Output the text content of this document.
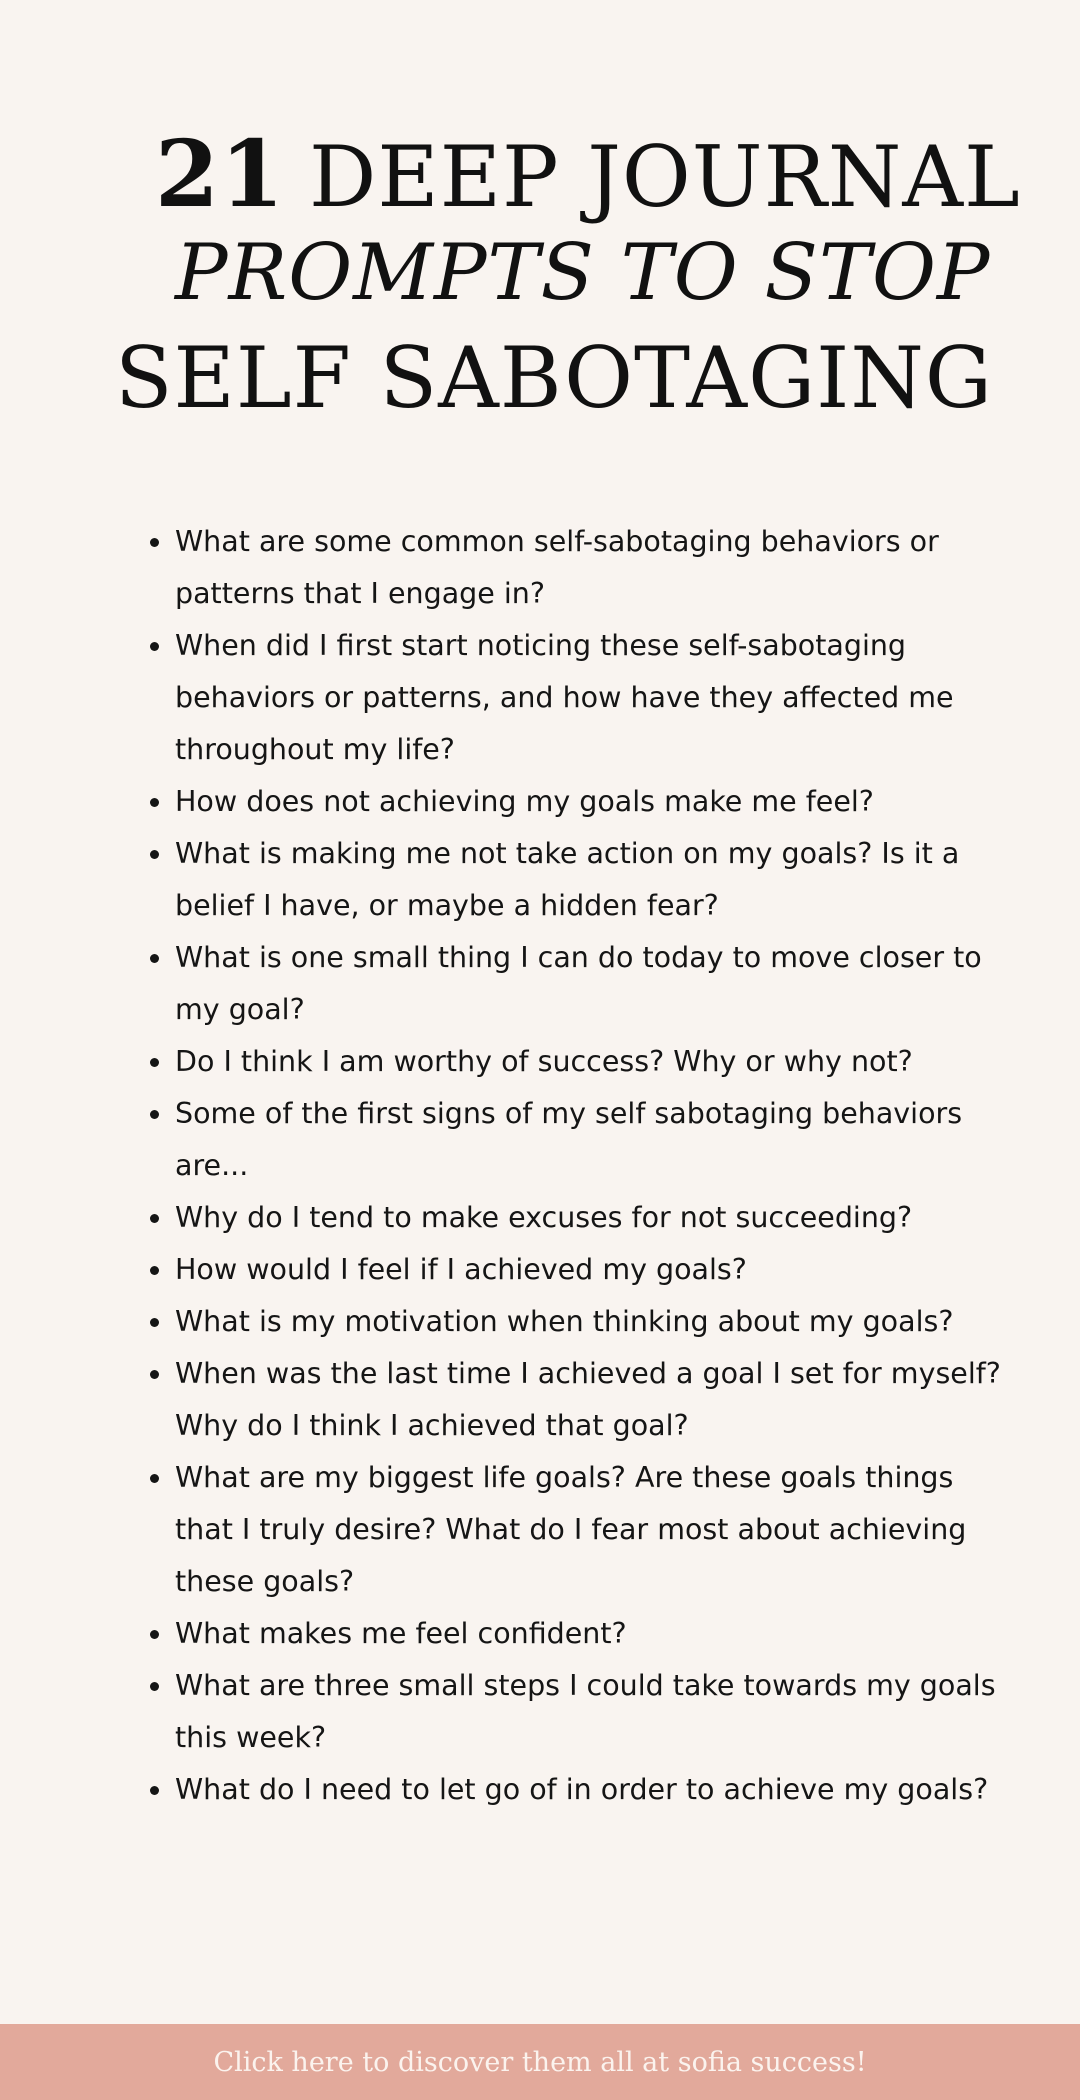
21 DEEP JOURNAL
PROMPTS TO STOP
SELF SABOTAGING
• What are some common self-sabotaging behaviors or patterns that I engage in?
• When did I first start noticing these self-sabotaging behaviors or patterns, and how have they affected me throughout my life?
• How does not achieving my goals make me feel?
• What is making me not take action on my goals? Is it a belief I have, or maybe a hidden fear?
• What is one small thing I can do today to move closer to my goal?
• Do I think I am worthy of success? Why or why not?
• Some of the first signs of my self sabotaging behaviors are...
• Why do I tend to make excuses for not succeeding?
• How would I feel if I achieved my goals?
• What is my motivation when thinking about my goals?
• When was the last time I achieved a goal I set for myself? Why do I think I achieved that goal?
• What are my biggest life goals? Are these goals things that I truly desire? What do I fear most about achieving these goals?
• What makes me feel confident?
• What are three small steps I could take towards my goals this week?
• What do I need to let go of in order to achieve my goals?
Click here to discover them all at sofia success!
